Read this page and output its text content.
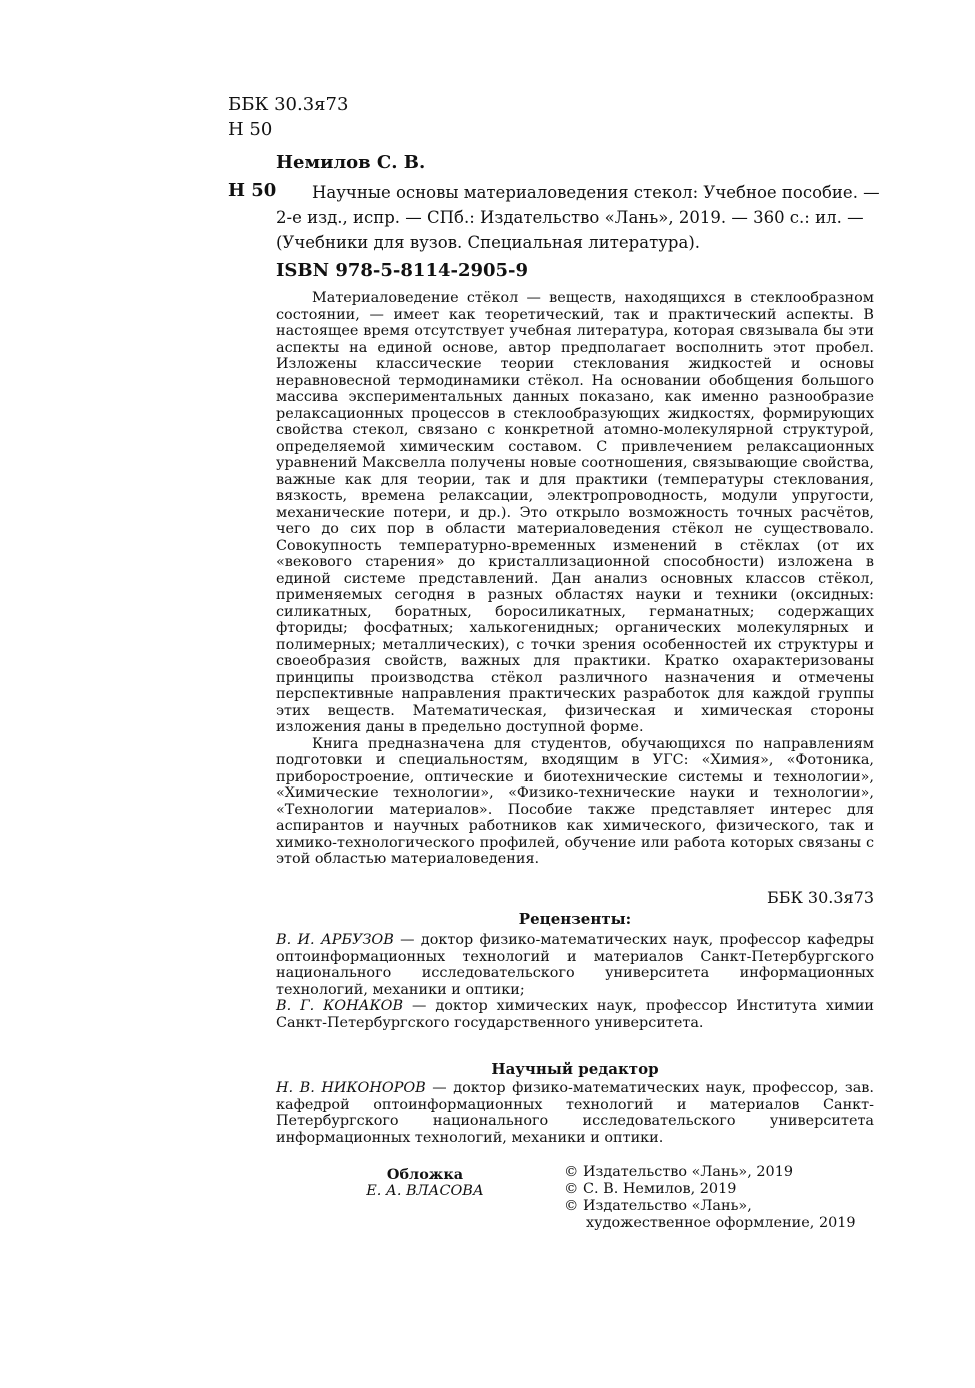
ББК 30.3я73
Н 50
Немилов С. В.
Н 50 Научные основы материаловедения стекол: Учебное пособие. —
2-е изд., испр. — СПб.: Издательство «Лань», 2019. — 360 с.: ил. —
(Учебники для вузов. Специальная литература).
ISBN 978-5-8114-2905-9

Материаловедение стёкол — веществ, находящихся в стеклообразном состоянии, — имеет как теоретический, так и практический аспекты. В настоящее время отсутствует учебная литература, которая связывала бы эти аспекты на единой основе, автор предполагает восполнить этот пробел. Изложены классические теории стеклования жидкостей и основы неравновесной термодинамики стёкол. На основании обобщения большого массива экспериментальных данных показано, как именно разнообразие релаксационных процессов в стеклообразующих жидкостях, формирующих свойства стекол, связано с конкретной атомно-молекулярной структурой, определяемой химическим составом. С привлечением релаксационных уравнений Максвелла получены новые соотношения, связывающие свойства, важные как для теории, так и для практики (температуры стеклования, вязкость, времена релаксации, электропроводность, модули упругости, механические потери, и др.). Это открыло возможность точных расчётов, чего до сих пор в области материаловедения стёкол не существовало. Совокупность температурно-временных изменений в стёклах (от их «векового старения» до кристаллизационной способности) изложена в единой системе представлений. Дан анализ основных классов стёкол, применяемых сегодня в разных областях науки и техники (оксидных: силикатных, боратных, боросиликатных, германатных; содержащих фториды; фосфатных; халькогенидных; органических молекулярных и полимерных; металлических), с точки зрения особенностей их структуры и своеобразия свойств, важных для практики. Кратко охарактеризованы принципы производства стёкол различного назначения и отмечены перспективные направления практических разработок для каждой группы этих веществ. Математическая, физическая и химическая стороны изложения даны в предельно доступной форме.

Книга предназначена для студентов, обучающихся по направлениям подготовки и специальностям, входящим в УГС: «Химия», «Фотоника, приборостроение, оптические и биотехнические системы и технологии», «Химические технологии», «Физико-технические науки и технологии», «Технологии материалов». Пособие также представляет интерес для аспирантов и научных работников как химического, физического, так и химико-технологического профилей, обучение или работа которых связаны с этой областью материаловедения.

ББК 30.3я73
Рецензенты:

В. И. АРБУЗОВ — доктор физико-математических наук, профессор кафедры оптоинформационных технологий и материалов Санкт-Петербургского национального исследовательского университета информационных технологий, механики и оптики;

В. Г. КОНАКОВ — доктор химических наук, профессор Института химии Санкт-Петербургского государственного университета.

Научный редактор

Н. В. НИКОНОРОВ — доктор физико-математических наук, профессор, зав. кафедрой оптоинформационных технологий и материалов Санкт-Петербургского национального исследовательского университета информационных технологий, механики и оптики.

Обложка
Е. А. ВЛАСОВА
© Издательство «Лань», 2019
© С. В. Немилов, 2019
© Издательство «Лань»,
художественное оформление, 2019
